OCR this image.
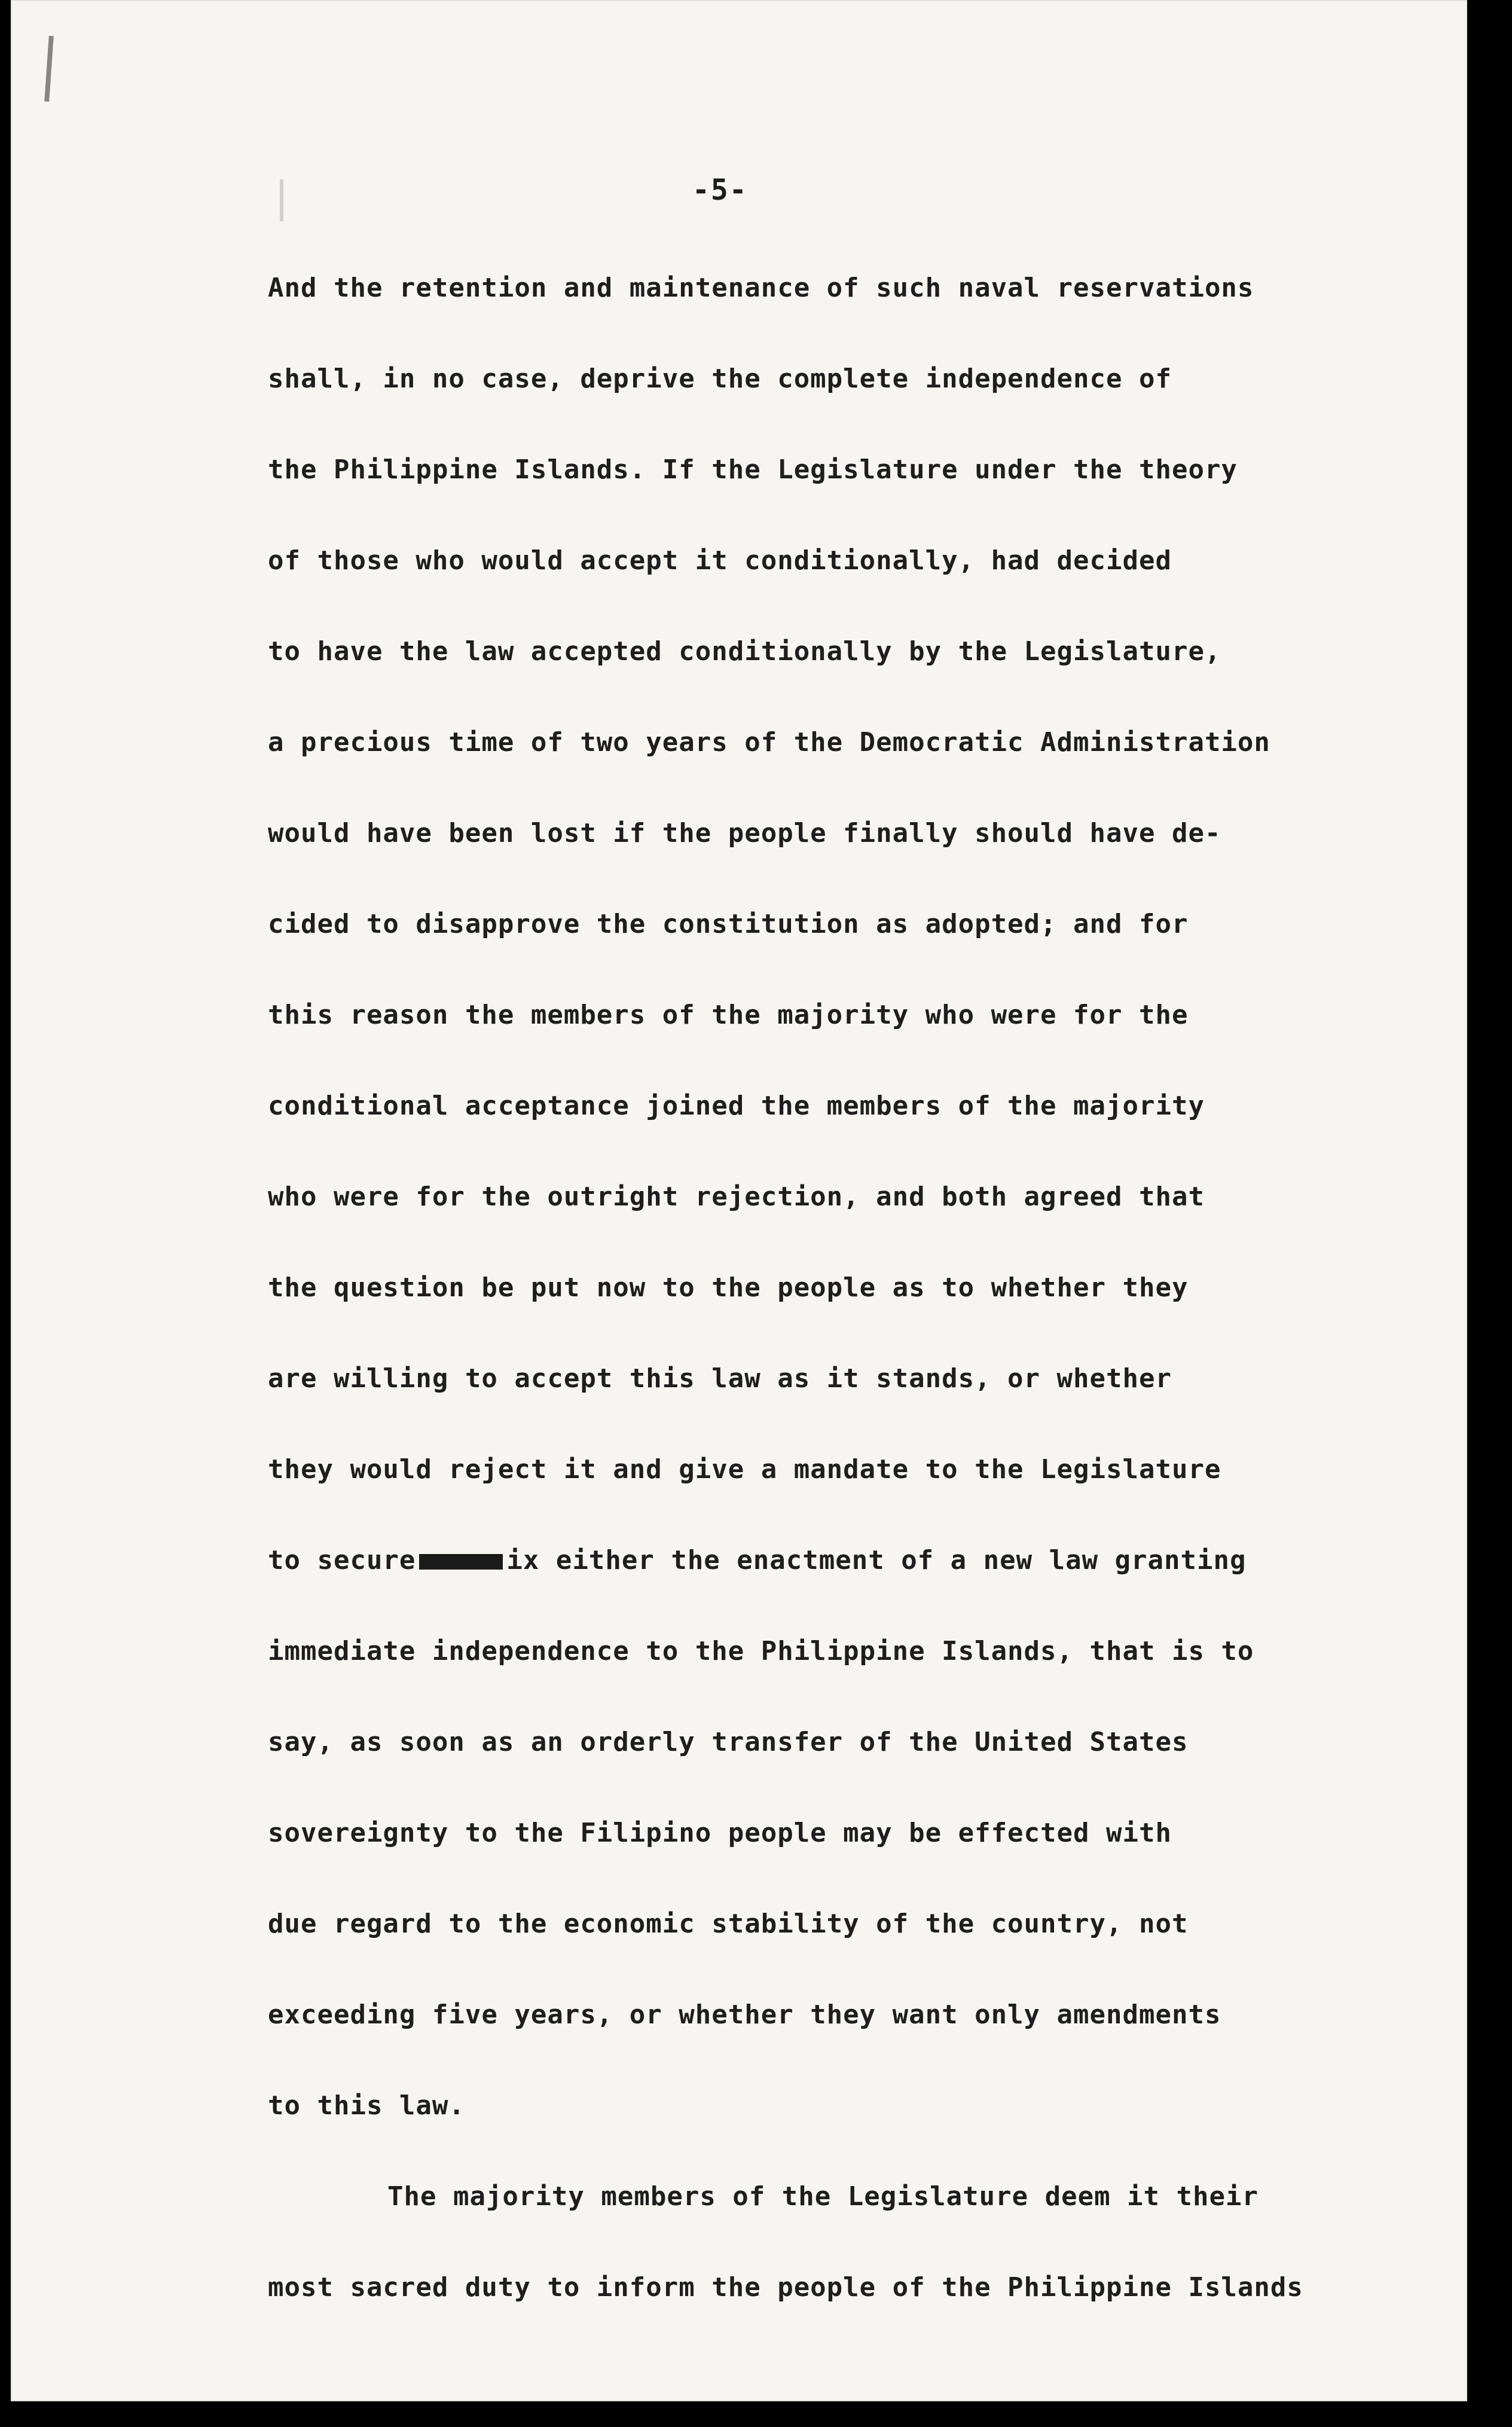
-5-
And the retention and maintenance of such naval reservations
shall, in no case, deprive the complete independence of
the Philippine Islands. If the Legislature under the theory
of those who would accept it conditionally, had decided
to have the law accepted conditionally by the Legislature,
a precious time of two years of the Democratic Administration
would have been lost if the people finally should have de-
cided to disapprove the constitution as adopted; and for
this reason the members of the majority who were for the
conditional acceptance joined the members of the majority
who were for the outright rejection, and both agreed that
the question be put now to the people as to whether they
are willing to accept this law as it stands, or whether
they would reject it and give a mandate to the Legislature
to secure	ix either the enactment of a new law granting
immediate independence to the Philippine Islands, that is to
say, as soon as an orderly transfer of the United States
sovereignty to the Filipino people may be effected with
due regard to the economic stability of the country, not
exceeding five years, or whether they want only amendments
to this law.
The majority members of the Legislature deem it their
most sacred duty to inform the people of the Philippine Islands
